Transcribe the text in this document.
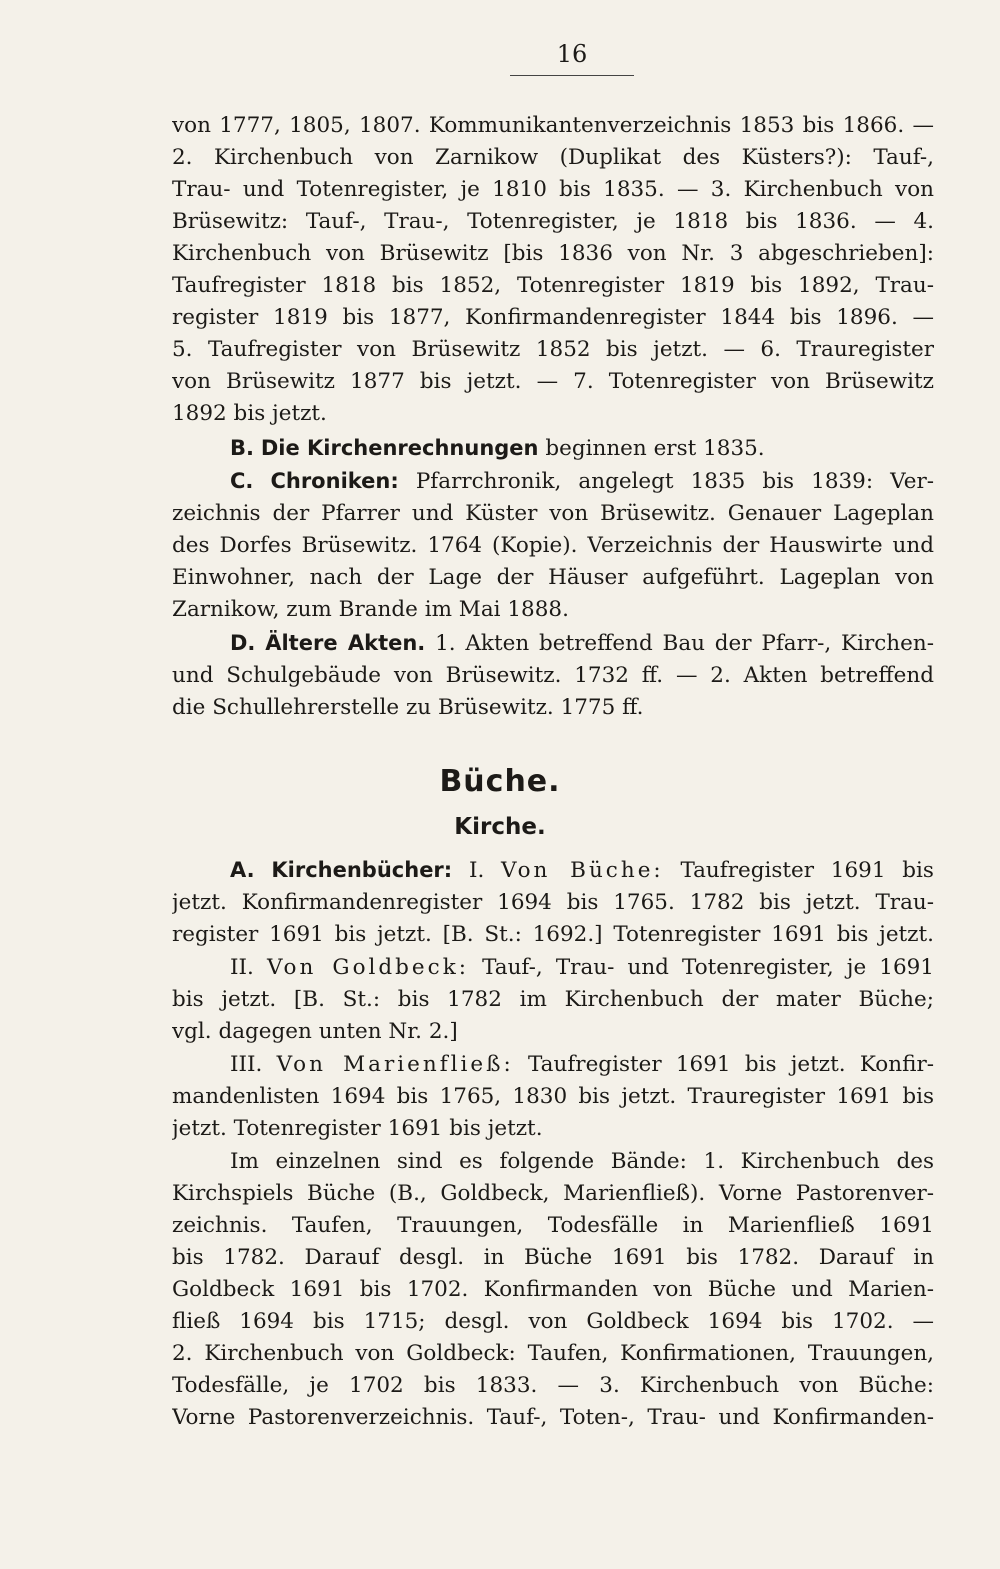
16
von 1777, 1805, 1807. Kommunikantenverzeichnis 1853 bis 1866. —
2. Kirchenbuch von Zarnikow (Duplikat des Küsters?): Tauf-,
Trau- und Totenregister, je 1810 bis 1835. — 3. Kirchenbuch von
Brüsewitz: Tauf-, Trau-, Totenregister, je 1818 bis 1836. — 4.
Kirchenbuch von Brüsewitz [bis 1836 von Nr. 3 abgeschrieben]:
Taufregister 1818 bis 1852, Totenregister 1819 bis 1892, Trau-
register 1819 bis 1877, Konfirmandenregister 1844 bis 1896. —
5. Taufregister von Brüsewitz 1852 bis jetzt. — 6. Trauregister
von Brüsewitz 1877 bis jetzt. — 7. Totenregister von Brüsewitz
1892 bis jetzt.
B. Die Kirchenrechnungen beginnen erst 1835.
C. Chroniken: Pfarrchronik, angelegt 1835 bis 1839: Ver-
zeichnis der Pfarrer und Küster von Brüsewitz. Genauer Lageplan
des Dorfes Brüsewitz. 1764 (Kopie). Verzeichnis der Hauswirte und
Einwohner, nach der Lage der Häuser aufgeführt. Lageplan von
Zarnikow, zum Brande im Mai 1888.
D. Ältere Akten. 1. Akten betreffend Bau der Pfarr-, Kirchen-
und Schulgebäude von Brüsewitz. 1732 ff. — 2. Akten betreffend
die Schullehrerstelle zu Brüsewitz. 1775 ff.
Büche.
Kirche.
A. Kirchenbücher: I. Von Büche: Taufregister 1691 bis
jetzt. Konfirmandenregister 1694 bis 1765. 1782 bis jetzt. Trau-
register 1691 bis jetzt. [B. St.: 1692.] Totenregister 1691 bis jetzt.
II. Von Goldbeck: Tauf-, Trau- und Totenregister, je 1691
bis jetzt. [B. St.: bis 1782 im Kirchenbuch der mater Büche;
vgl. dagegen unten Nr. 2.]
III. Von Marienfließ: Taufregister 1691 bis jetzt. Konfir-
mandenlisten 1694 bis 1765, 1830 bis jetzt. Trauregister 1691 bis
jetzt. Totenregister 1691 bis jetzt.
Im einzelnen sind es folgende Bände: 1. Kirchenbuch des
Kirchspiels Büche (B., Goldbeck, Marienfließ). Vorne Pastorenver-
zeichnis. Taufen, Trauungen, Todesfälle in Marienfließ 1691
bis 1782. Darauf desgl. in Büche 1691 bis 1782. Darauf in
Goldbeck 1691 bis 1702. Konfirmanden von Büche und Marien-
fließ 1694 bis 1715; desgl. von Goldbeck 1694 bis 1702. —
2. Kirchenbuch von Goldbeck: Taufen, Konfirmationen, Trauungen,
Todesfälle, je 1702 bis 1833. — 3. Kirchenbuch von Büche:
Vorne Pastorenverzeichnis. Tauf-, Toten-, Trau- und Konfirmanden-
